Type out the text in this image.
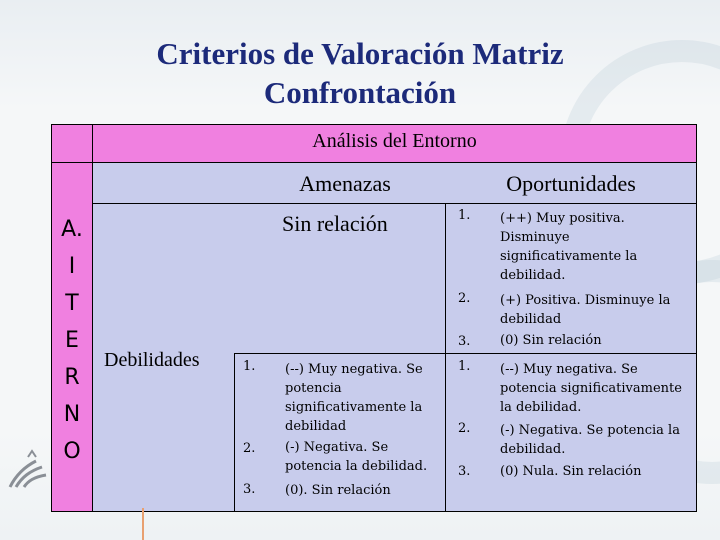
Criterios de Valoración Matriz
Confrontación
Análisis del Entorno
Amenazas	Oportunidades
A.
I
T
E
R
N
O
Debilidades
Sin relación	1. (++) Muy positiva. Disminuye significativamente la debilidad.
2. (+) Positiva. Disminuye la debilidad
3. (0) Sin relación
1. (--) Muy negativa. Se potencia significativamente la debilidad
2. (-) Negativa. Se potencia la debilidad.
3. (0). Sin relación
1. (--) Muy negativa. Se potencia significativamente la debilidad.
2. (-) Negativa. Se potencia la debilidad.
3. (0) Nula. Sin relación
